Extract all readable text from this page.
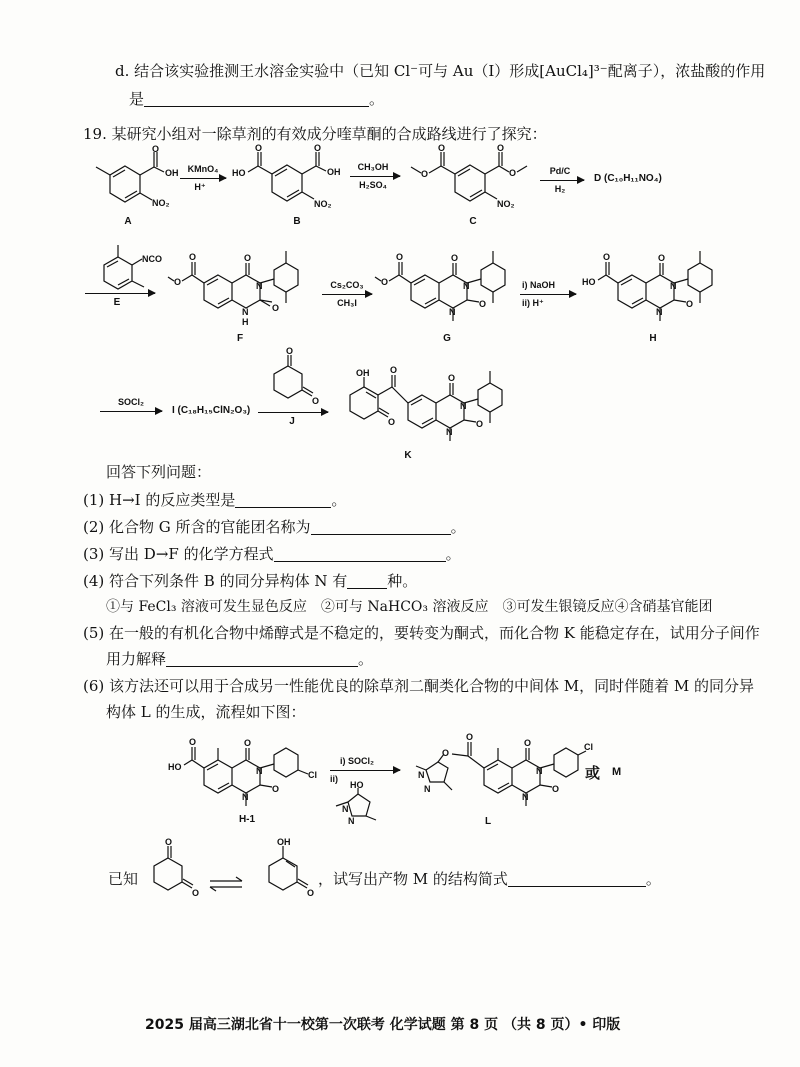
d. 结合该实验推测王水溶金实验中（已知 Cl⁻可与 Au（Ⅰ）形成[AuCl₄]³⁻配离子），浓盐酸的作用
是	。
19. 某研究小组对一除草剂的有效成分喹草酮的合成路线进行了探究：
O
OH
NO₂
A
KMnO₄
H⁺
O
HO
O
OH
NO₂
B
CH₃OH
H₂SO₄
O
O
O
O
NO₂
C
Pd/C
H₂
D (C₁₀H₁₁NO₄)
NCO
E
O
O
O	N
N
H
O
F
Cs₂CO₃
CH₃I
O
O
O	N
N
O
G
i) NaOH
ii) H⁺
O
O
HO	N
N
O
H
SOCl₂
→ I (C₁₈H₁₅ClN₂O₃)
O
O
J
OH
O
O
O
N
N
O
K
回答下列问题：
(1) H→I 的反应类型是	。
(2) 化合物 G 所含的官能团名称为	。
(3) 写出 D→F 的化学方程式	。
(4) 符合下列条件 B 的同分异构体 N 有	种。
①与 FeCl₃ 溶液可发生显色反应　②可与 NaHCO₃ 溶液反应　③可发生银镜反应④含硝基官能团
(5) 在一般的有机化合物中烯醇式是不稳定的，要转变为酮式，而化合物 K 能稳定存在，试用分子间作
用力解释	。
(6) 该方法还可以用于合成另一性能优良的除草剂二酮类化合物的中间体 M，同时伴随着 M 的同分异
构体 L 的生成，流程如下图：
O
O
HO	N
N
O
Cl
H-1
i) SOCl₂
ii)
HO
N
N
O
O
N
N
O
N
N
O
Cl
L
或 M
已知
O
O
OH
O
，试写出产物 M 的结构简式	。
2025 届高三湖北省十一校第一次联考 化学试题 第 8 页 （共 8 页）• 印版
